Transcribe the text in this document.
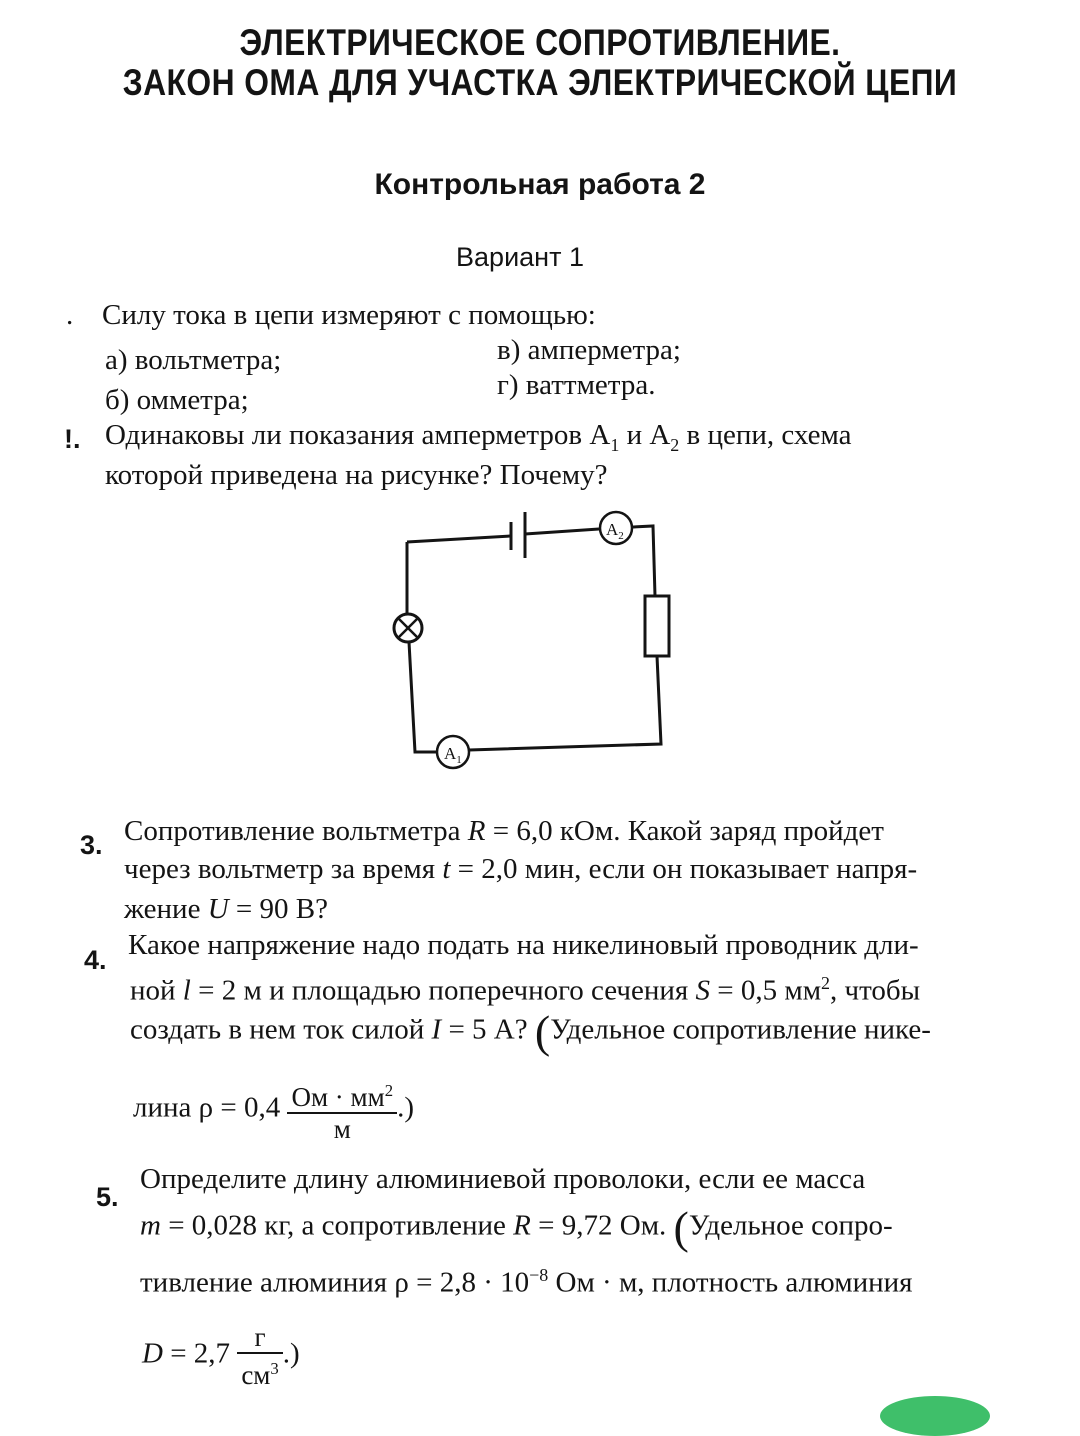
ЭЛЕКТРИЧЕСКОЕ СОПРОТИВЛЕНИЕ.
ЗАКОН ОМА ДЛЯ УЧАСТКА ЭЛЕКТРИЧЕСКОЙ ЦЕПИ
Контрольная работа 2
Вариант 1
. Силу тока в цепи измеряют с помощью:
а) вольтметра;
б) омметра;
в) амперметра;
г) ваттметра.
!. Одинаковы ли показания амперметров $A_1$ и $A_2$ в цепи, схема
которой приведена на рисунке? Почему?
$A_2$
$A_1$
3. Сопротивление вольтметра R = 6,0 кОм. Какой заряд пройдет
через вольтметр за время t = 2,0 мин, если он показывает напря-
жение U = 90 В?
4. Какое напряжение надо подать на никелиновый проводник дли-
ной l = 2 м и площадью поперечного сечения S = 0,5 $мм^2$, чтобы
создать в нем ток силой I = 5 А? (Удельное сопротивление нике-
лина $\rho = 0,4 \frac{Ом \cdot мм^2}{м}$ .)
5.
Определите длину алюминиевой проволоки, если ее масса
m = 0,028 кг, а сопротивление R = 9,72 Ом. (Удельное сопро-
тивление алюминия $\rho = 2,8 \cdot 10^{-8}$ Ом · м, плотность алюминия
$D = 2,7 \frac{г}{см^3}$ .)
